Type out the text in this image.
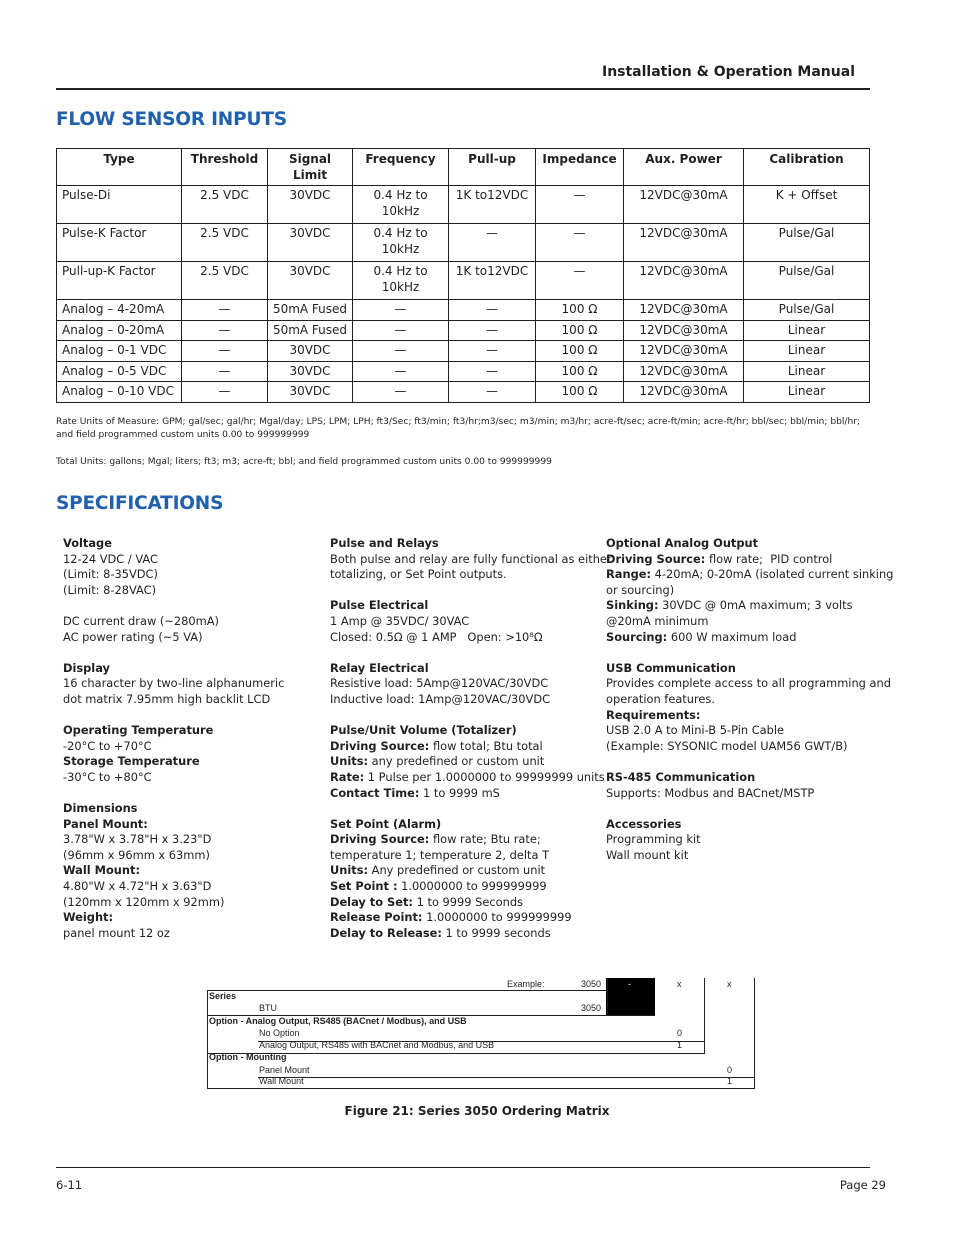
Installation & Operation Manual
FLOW SENSOR INPUTS
Type	Threshold	Signal Limit	Frequency	Pull-up	Impedance	Aux. Power	Calibration
Pulse-Di	2.5 VDC	30VDC	0.4 Hz to 10kHz	1K to12VDC	—	12VDC@30mA	K + Offset
Pulse-K Factor	2.5 VDC	30VDC	0.4 Hz to 10kHz	—	—	12VDC@30mA	Pulse/Gal
Pull-up-K Factor	2.5 VDC	30VDC	0.4 Hz to 10kHz	1K to12VDC	—	12VDC@30mA	Pulse/Gal
Analog – 4-20mA	—	50mA Fused	—	—	100 Ω	12VDC@30mA	Pulse/Gal
Analog – 0-20mA	—	50mA Fused	—	—	100 Ω	12VDC@30mA	Linear
Analog – 0-1 VDC	—	30VDC	—	—	100 Ω	12VDC@30mA	Linear
Analog – 0-5 VDC	—	30VDC	—	—	100 Ω	12VDC@30mA	Linear
Analog – 0-10 VDC	—	30VDC	—	—	100 Ω	12VDC@30mA	Linear
Rate Units of Measure: GPM; gal/sec; gal/hr; Mgal/day; LPS; LPM; LPH; ft3/Sec; ft3/min; ft3/hr;m3/sec; m3/min; m3/hr; acre-ft/sec; acre-ft/min; acre-ft/hr; bbl/sec; bbl/min; bbl/hr;
and field programmed custom units 0.00 to 999999999
Total Units: gallons; Mgal; liters; ft3; m3; acre-ft; bbl; and field programmed custom units 0.00 to 999999999
SPECIFICATIONS
Voltage
12-24 VDC / VAC
(Limit: 8-35VDC)
(Limit: 8-28VAC)
DC current draw (~280mA)
AC power rating (~5 VA)
Display
16 character by two-line alphanumeric
dot matrix 7.95mm high backlit LCD
Operating Temperature
-20°C to +70°C
Storage Temperature
-30°C to +80°C
Dimensions
Panel Mount:
3.78"W x 3.78"H x 3.23"D
(96mm x 96mm x 63mm)
Wall Mount:
4.80"W x 4.72"H x 3.63"D
(120mm x 120mm x 92mm)
Weight:
panel mount 12 oz
Pulse and Relays
Both pulse and relay are fully functional as either
totalizing, or Set Point outputs.
Pulse Electrical
1 Amp @ 35VDC/ 30VAC
Closed: 0.5Ω @ 1 AMP   Open: >10⁸Ω
Relay Electrical
Resistive load: 5Amp@120VAC/30VDC
Inductive load: 1Amp@120VAC/30VDC
Pulse/Unit Volume (Totalizer)
Driving Source: flow total; Btu total
Units: any predefined or custom unit
Rate: 1 Pulse per 1.0000000 to 99999999 units
Contact Time: 1 to 9999 mS
Set Point (Alarm)
Driving Source: flow rate; Btu rate;
temperature 1; temperature 2, delta T
Units: Any predefined or custom unit
Set Point : 1.0000000 to 999999999
Delay to Set: 1 to 9999 Seconds
Release Point: 1.0000000 to 999999999
Delay to Release: 1 to 9999 seconds
Optional Analog Output
Driving Source: flow rate;  PID control
Range: 4-20mA; 0-20mA (isolated current sinking
or sourcing)
Sinking: 30VDC @ 0mA maximum; 3 volts
@20mA minimum
Sourcing: 600 W maximum load
USB Communication
Provides complete access to all programming and
operation features.
Requirements:
USB 2.0 A to Mini-B 5-Pin Cable
(Example: SYSONIC model UAM56 GWT/B)
RS-485 Communication
Supports: Modbus and BACnet/MSTP
Accessories
Programming kit
Wall mount kit
Example:	3050	-	x	x
Series
BTU	3050
Option - Analog Output, RS485 (BACnet / Modbus), and USB
No Option	0
Analog Output, RS485 with BACnet and Modbus, and USB	1
Option - Mounting
Panel Mount	0
Wall Mount	1
Figure 21: Series 3050 Ordering Matrix
6-11	Page 29
